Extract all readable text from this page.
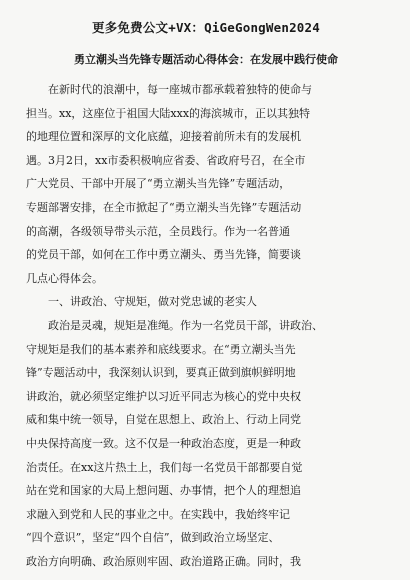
更多免费公文+VX：QiGeGongWen2024
勇立潮头当先锋专题活动心得体会：在发展中践行使命
　　在新时代的浪潮中，每一座城市都承载着独特的使命与
担当。xx，这座位于祖国大陆xxx的海滨城市，正以其独特
的地理位置和深厚的文化底蕴，迎接着前所未有的发展机
遇。3月2日，xx市委积极响应省委、省政府号召，在全市
广大党员、干部中开展了“勇立潮头当先锋”专题活动，
专题部署安排，在全市掀起了“勇立潮头当先锋”专题活动
的高潮，各级领导带头示范，全员践行。作为一名普通
的党员干部，如何在工作中勇立潮头、勇当先锋，简要谈
几点心得体会。
　　一、讲政治、守规矩，做对党忠诚的老实人
　　政治是灵魂，规矩是准绳。作为一名党员干部，讲政治、
守规矩是我们的基本素养和底线要求。在“勇立潮头当先
锋”专题活动中，我深刻认识到，要真正做到旗帜鲜明地
讲政治，就必须坚定维护以习近平同志为核心的党中央权
威和集中统一领导，自觉在思想上、政治上、行动上同党
中央保持高度一致。这不仅是一种政治态度，更是一种政
治责任。在xx这片热土上，我们每一名党员干部都要自觉
站在党和国家的大局上想问题、办事情，把个人的理想追
求融入到党和人民的事业之中。在实践中，我始终牢记
“四个意识”，坚定“四个自信”，做到政治立场坚定、
政治方向明确、政治原则牢固、政治道路正确。同时，我
